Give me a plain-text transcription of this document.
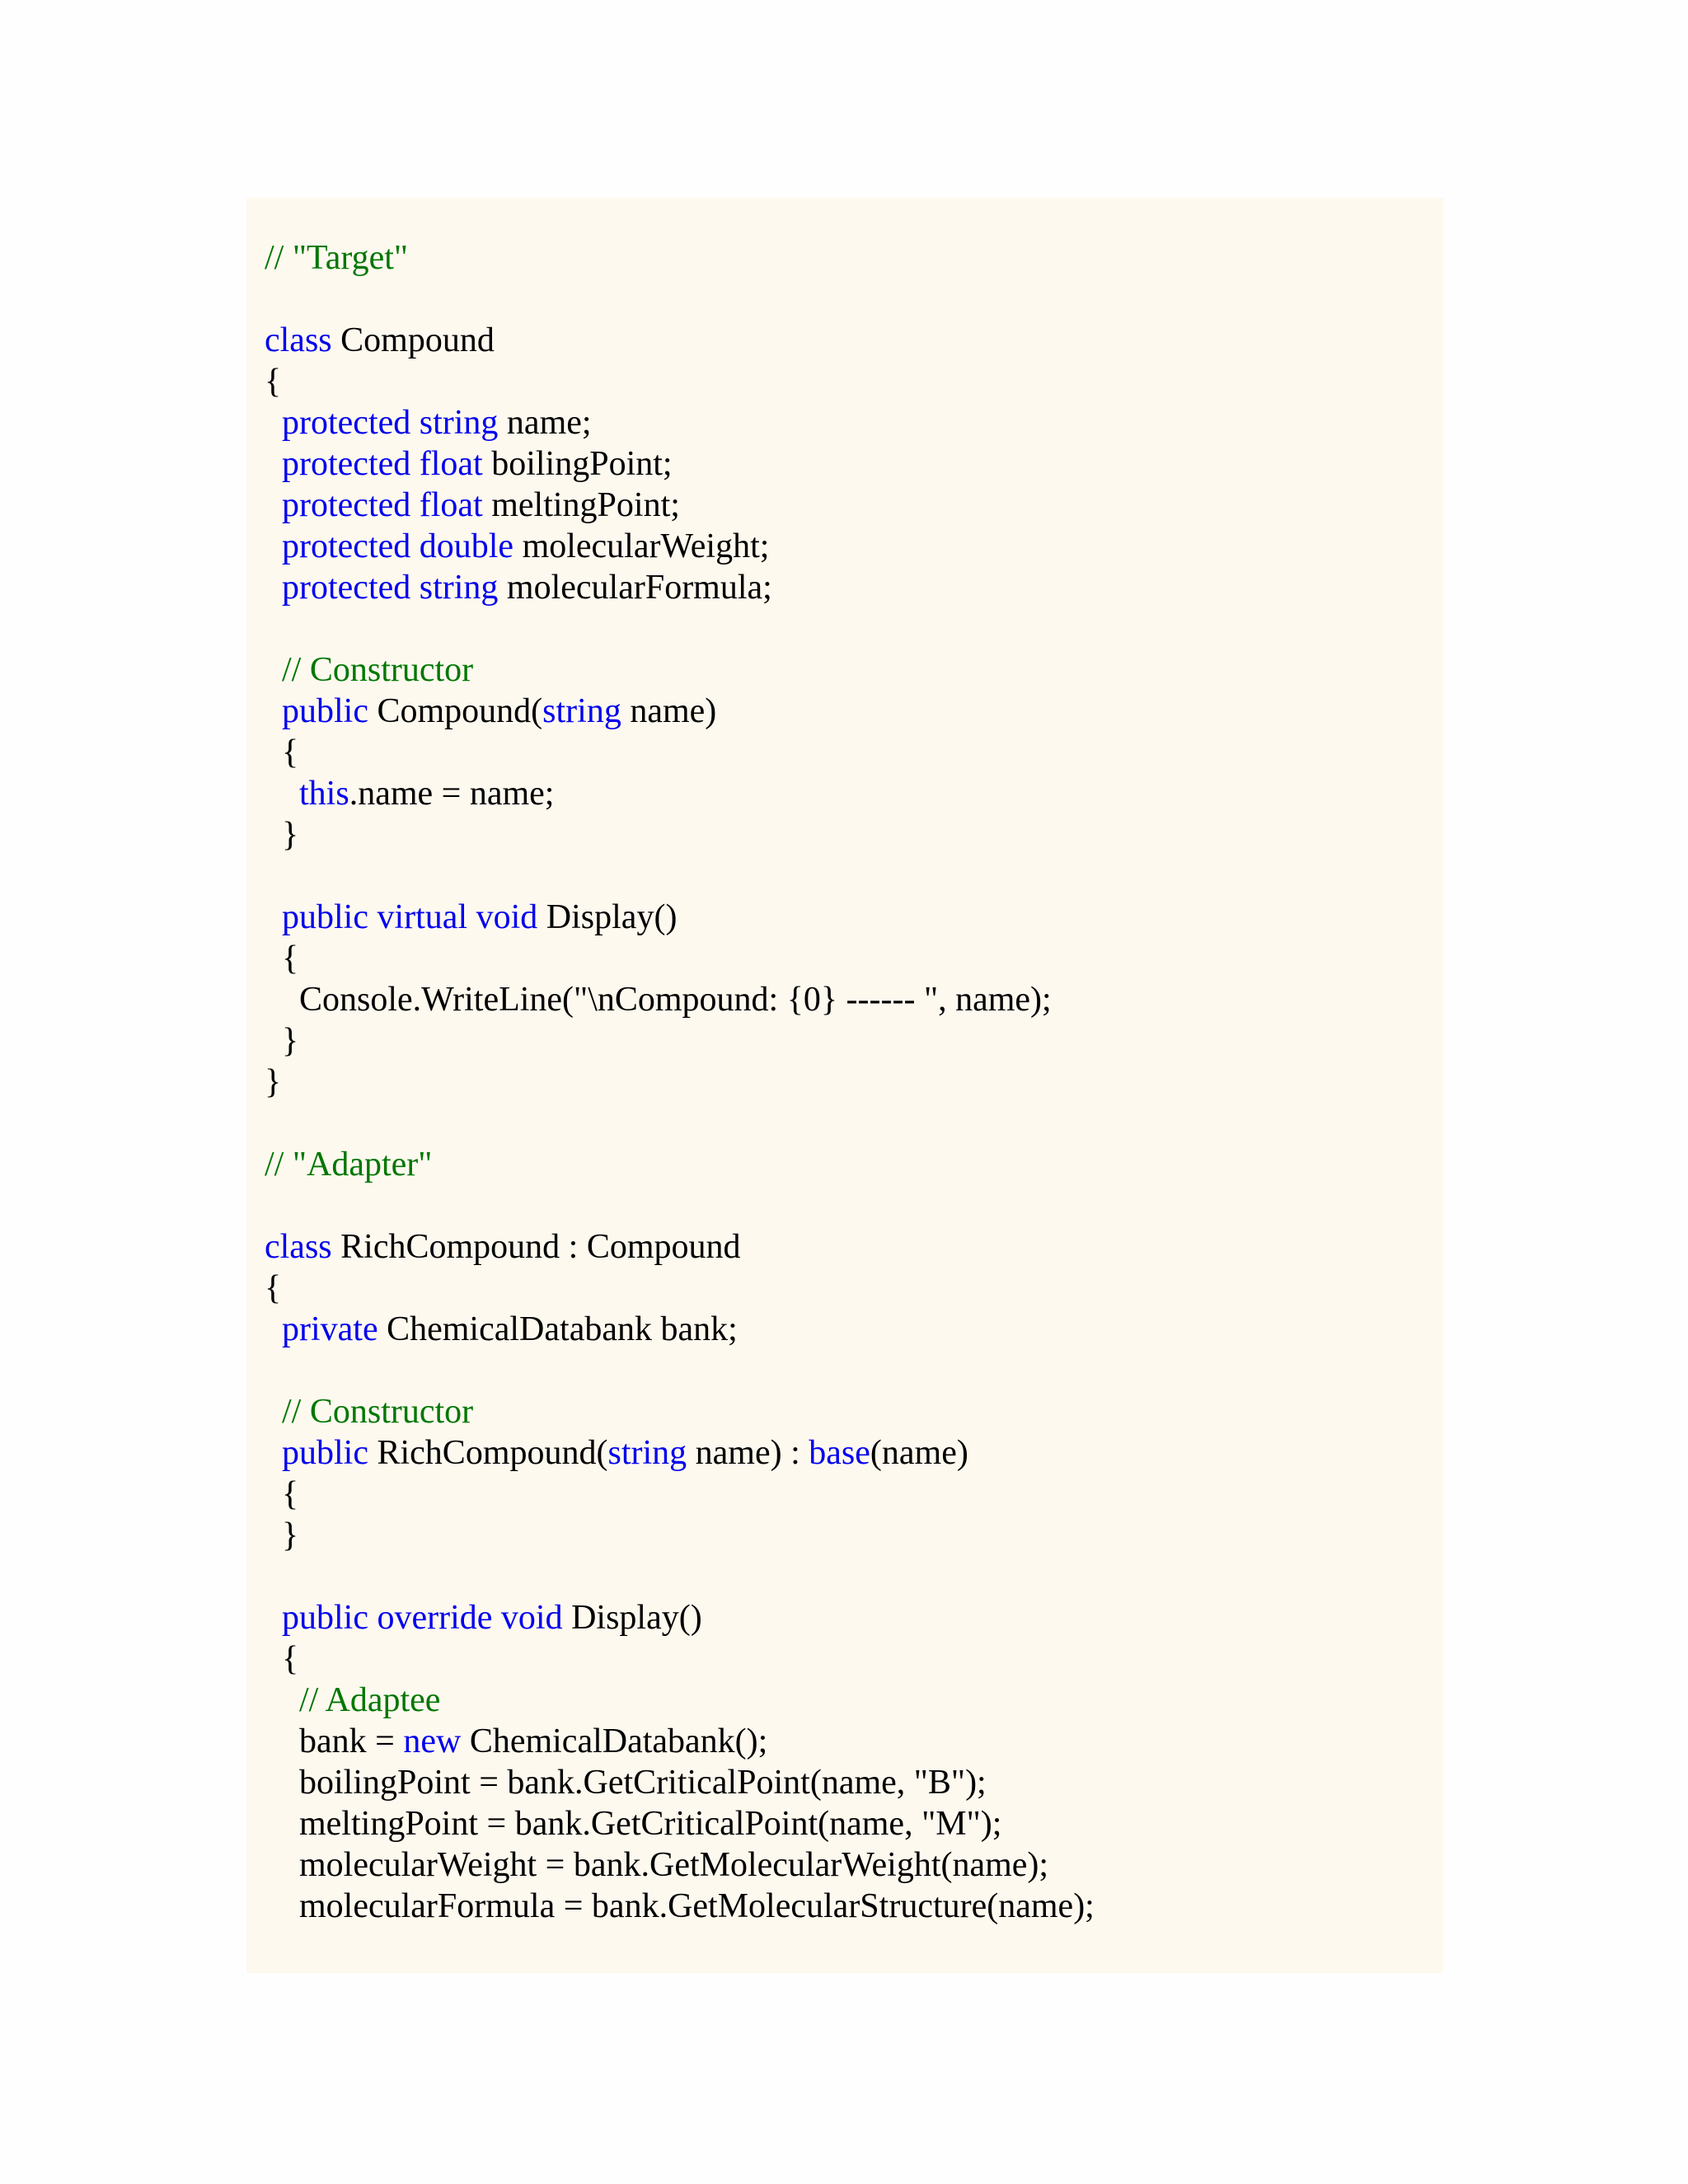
// "Target"

class Compound
{
protected string name;
protected float boilingPoint;
protected float meltingPoint;
protected double molecularWeight;
protected string molecularFormula;

// Constructor
public Compound(string name)
{
this.name = name;
}

public virtual void Display()
{
Console.WriteLine("\nCompound: {0} ------ ", name);
}
}

// "Adapter"

class RichCompound : Compound
{
private ChemicalDatabank bank;

// Constructor
public RichCompound(string name) : base(name)
{
}

public override void Display()
{
// Adaptee
bank = new ChemicalDatabank();
boilingPoint = bank.GetCriticalPoint(name, "B");
meltingPoint = bank.GetCriticalPoint(name, "M");
molecularWeight = bank.GetMolecularWeight(name);
molecularFormula = bank.GetMolecularStructure(name);
